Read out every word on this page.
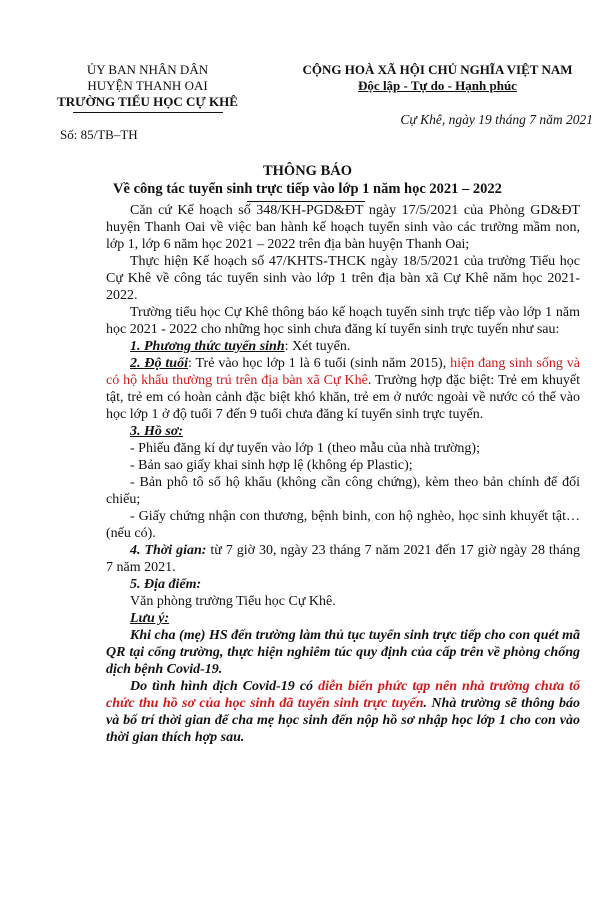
ỦY BAN NHÂN DÂN
HUYỆN THANH OAI
TRƯỜNG TIỂU HỌC CỰ KHÊ
CỘNG HOÀ XÃ HỘI CHỦ NGHĨA VIỆT NAM
Độc lập - Tự do - Hạnh phúc
Cự Khê, ngày 19 tháng 7 năm 2021
Số: 85/TB–TH
THÔNG BÁO
Về công tác tuyển sinh trực tiếp vào lớp 1 năm học 2021 – 2022

Căn cứ Kế hoạch số 348/KH-PGD&ĐT ngày 17/5/2021 của Phòng GD&ĐT huyện Thanh Oai về việc ban hành kế hoạch tuyển sinh vào các trường mầm non, lớp 1, lớp 6 năm học 2021 – 2022 trên địa bàn huyện Thanh Oai;

Thực hiện Kế hoạch số 47/KHTS-THCK ngày 18/5/2021 của trường Tiểu học Cự Khê về công tác tuyển sinh vào lớp 1 trên địa bàn xã Cự Khê năm học 2021-2022.

Trường tiểu học Cự Khê thông báo kế hoạch tuyển sinh trực tiếp vào lớp 1 năm học 2021 - 2022 cho những học sinh chưa đăng kí tuyển sinh trực tuyến như sau:

1. Phương thức tuyển sinh: Xét tuyển.

2. Độ tuổi: Trẻ vào học lớp 1 là 6 tuổi (sinh năm 2015), hiện đang sinh sống và có hộ khẩu thường trú trên địa bàn xã Cự Khê. Trường hợp đặc biệt: Trẻ em khuyết tật, trẻ em có hoàn cảnh đặc biệt khó khăn, trẻ em ở nước ngoài về nước có thể vào học lớp 1 ở độ tuổi 7 đến 9 tuổi chưa đăng kí tuyển sinh trực tuyến.

3. Hồ sơ:

- Phiếu đăng kí dự tuyển vào lớp 1 (theo mẫu của nhà trường);

- Bản sao giấy khai sinh hợp lệ (không ép Plastic);

- Bản phô tô sổ hộ khẩu (không cần công chứng), kèm theo bản chính để đối chiếu;

- Giấy chứng nhận con thương, bệnh binh, con hộ nghèo, học sinh khuyết tật… (nếu có).

4. Thời gian: từ 7 giờ 30, ngày 23 tháng 7 năm 2021 đến 17 giờ ngày 28 tháng 7 năm 2021.

5. Địa điểm:

Văn phòng trường Tiểu học Cự Khê.

Lưu ý:

Khi cha (mẹ) HS đến trường làm thủ tục tuyển sinh trực tiếp cho con quét mã QR tại cổng trường, thực hiện nghiêm túc quy định của cấp trên về phòng chống dịch bệnh Covid-19.

Do tình hình dịch Covid-19 có diễn biến phức tạp nên nhà trường chưa tổ chức thu hồ sơ của học sinh đã tuyển sinh trực tuyến. Nhà trường sẽ thông báo và bố trí thời gian để cha mẹ học sinh đến nộp hồ sơ nhập học lớp 1 cho con vào thời gian thích hợp sau.
